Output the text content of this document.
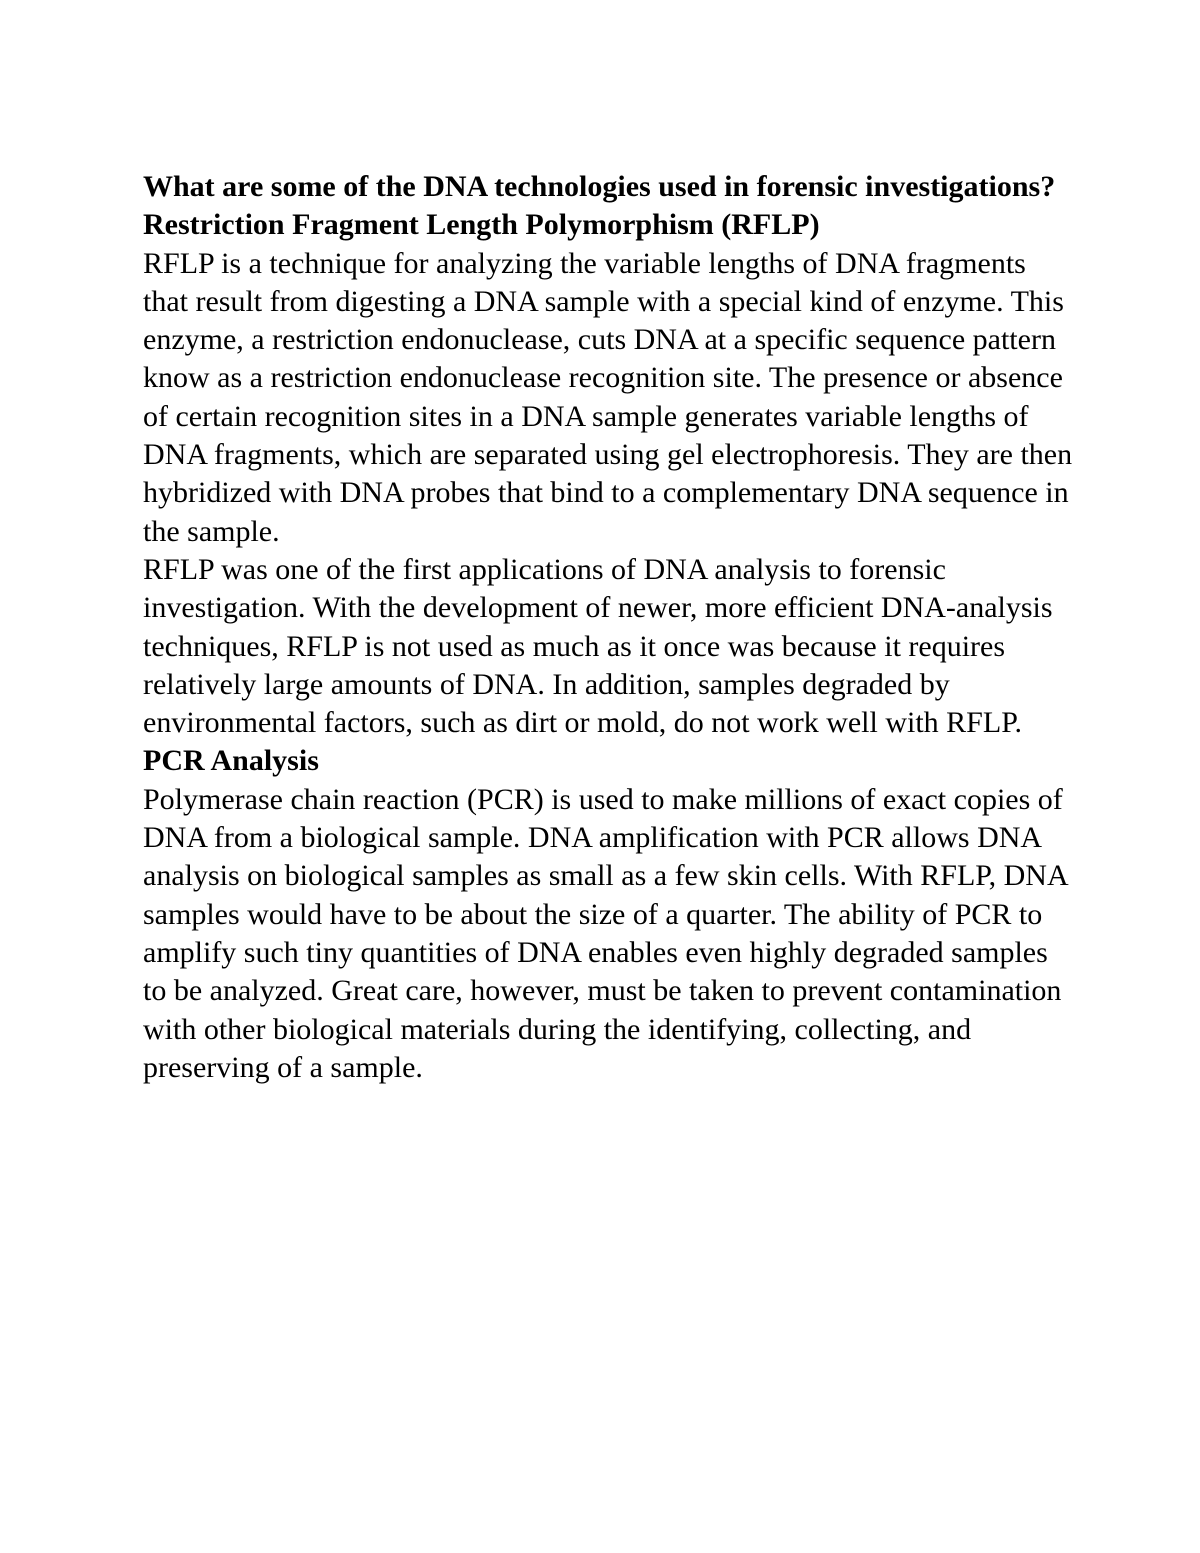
What are some of the DNA technologies used in forensic investigations?

Restriction Fragment Length Polymorphism (RFLP)

RFLP is a technique for analyzing the variable lengths of DNA fragments that result from digesting a DNA sample with a special kind of enzyme. This enzyme, a restriction endonuclease, cuts DNA at a specific sequence pattern know as a restriction endonuclease recognition site. The presence or absence of certain recognition sites in a DNA sample generates variable lengths of DNA fragments, which are separated using gel electrophoresis. They are then hybridized with DNA probes that bind to a complementary DNA sequence in the sample.

RFLP was one of the first applications of DNA analysis to forensic investigation. With the development of newer, more efficient DNA-analysis techniques, RFLP is not used as much as it once was because it requires relatively large amounts of DNA. In addition, samples degraded by environmental factors, such as dirt or mold, do not work well with RFLP.

PCR Analysis

Polymerase chain reaction (PCR) is used to make millions of exact copies of DNA from a biological sample. DNA amplification with PCR allows DNA analysis on biological samples as small as a few skin cells. With RFLP, DNA samples would have to be about the size of a quarter. The ability of PCR to amplify such tiny quantities of DNA enables even highly degraded samples to be analyzed. Great care, however, must be taken to prevent contamination with other biological materials during the identifying, collecting, and preserving of a sample.
